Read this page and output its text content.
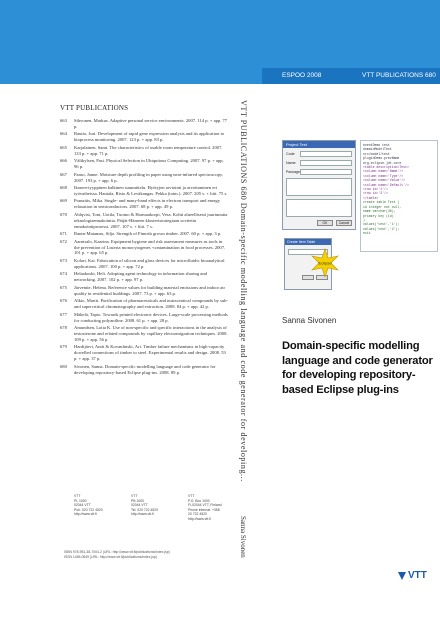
ESPOO 2008	VTT PUBLICATIONS 680
VTT PUBLICATIONS
663	Sihvonen, Markus. Adaptive personal service environments. 2007. 114 p. + app. 77 p.
664	Rautio, Juri. Development of rapid gene expression analysis and its application to bioprocess monitoring. 2007. 123 p. + app. 83 p.
665	Karjalainen, Sami. The characteristics of usable room temperature control. 2007. 133 p. + app. 71 p.
666	Välikylsen, Pasi. Physical Selection in Ubiquitous Computing. 2007. 97 p. + app. 96 p.
667	Paaso, Janne. Moisture depth profiling in paper using near-infrared spectroscopy. 2007. 193 p. + app. 6 p.
668	Ikonen-tyyppinen kalkinen suunnittelu. Hyötyjen arviointi ja arvottaminen eri työvaiheissa. Hautala, Risto & Leväkangas. Pekka (toim.). 2007. 205 s. + liitt. 75 s.
669	Pranaitis, Mika. Single- and many-band effects in electron transport and energy relaxation in semiconductors. 2007. 68 p. + app. 49 p.
670	Ahlqvist, Toni, Uotila, Tuomo & Harmaakorpi, Vesa. Kohti alueellisesti juurtunutta teknologiaennakointia. Päijät-Hämeen klusteristrategiaan sovitettu ennakointiprosessi. 2007. 107 s. + liitt. 7 s.
671	Rantn-Matamas, Silja. Strength of Finnish grown timber. 2007. 60 p. + app. 3 p.
672	Aarnisalo, Kaarina. Equipment hygiene and risk assessment measures as tools in the prevention of Listeria monocytogenes -contamination in food processes. 2007. 101 p. + app. 65 p.
673	Kolari, Kai. Fabrication of silicon and glass devices for microfluidic bioanalytical applications. 2007. 100 p. + app. 72 p.
674	Helaakoski, Heli. Adopting agent technology in information sharing and networking. 2007. 102 p. + app. 97 p.
675	Järventie, Helena. Reference values for building material emissions and indoor air quality in residential buildings. 2007. 73 p. + app. 63 p.
676	Alkio, Martti. Purification of pharmaceuticals and nutraceutical compounds by sub- and supercritical chromatography and extraction. 2008. 84 p. + app. 42 p.
677	Mäkelä, Tapio. Towards printed electronic devices. Large-scale processing methods for conducting polyaniline. 2008. 61 p. + app. 28 p.
678	Amundsen, Lotta K. Use of non-specific and specific interactions in the analysis of testosterone and related compounds by capillary electromigration techniques. 2008. 109 p. + app. 56 p.
679	Hardtjärvi, Antti & Kovanlinski, Ari. Timber failure mechanisms in high-capacity dowelled connections of timber to steel. Experimental results and design. 2008. 53 p. + app. 37 p.
680	Sivonen, Sanna. Domain-specific modelling language and code generator for developing repository-based Eclipse plug-ins. 2008. 89 p.
VTT
PL 1000
02044 VTT
Puh. 020 722 4520
http://www.vtt.fi
VTT
PB 1000
02044 VTT
Tel. 020 722 4520
http://www.vtt.fi
VTT
P.O. Box 1000
FI-02044 VTT, Finland
Phone internat. +358 20 722 4520
http://www.vtt.fi
ISBN 978-951-38-7004-2 (URL: http://www.vtt.fi/publications/index.jsp)
ISSN 1455-0849 (URL: http://www.vtt.fi/publications/index.jsp)
VTT PUBLICATIONS 680 Domain-specific modelling language and code generator for developing...
Sanna Sivonen
Project Test
Code
Name
Package
OK	Cancel
eventDemo test
domainModelTest
src/model/test
pluginDemo.prevName
org.eclipse.jdt.core
<table description=Test>
<column name='Name'/>
<column name='Type'/>
<column name='Value'/>
<column name='Default'/>
<row id='1'/>
<row id='2'/>
</table>
create table Test (
id integer not null,
name varchar(40),
primary key (id)
)
values('test','1');
values('test','2');
exit
Create Item Table
Eclipse
Sanna Sivonen
Domain-specific modelling language and code generator for developing repository-based Eclipse plug-ins
VTT
